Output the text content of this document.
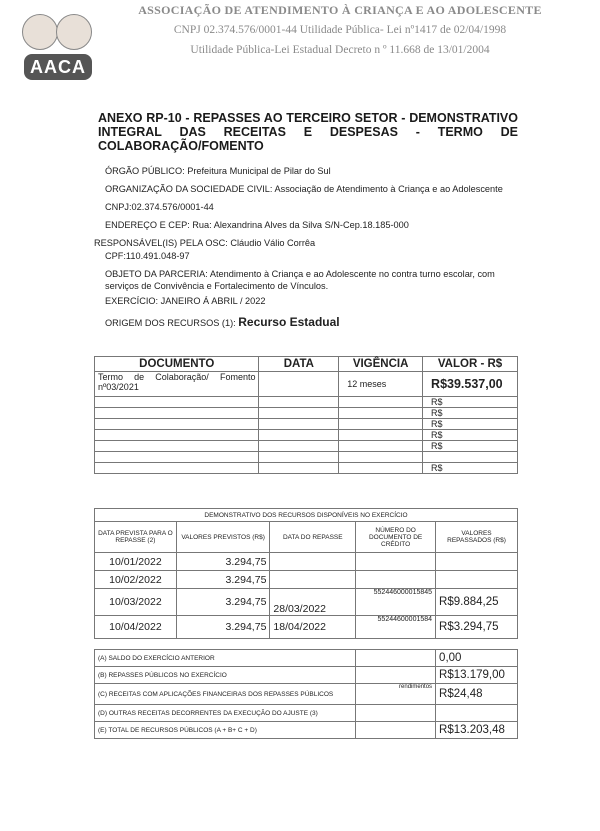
AACA
ASSOCIAÇÃO DE ATENDIMENTO À CRIANÇA E AO ADOLESCENTE
CNPJ 02.374.576/0001-44 Utilidade Pública- Lei nº1417 de 02/04/1998
Utilidade Pública-Lei Estadual Decreto n º 11.668 de 13/01/2004
ANEXO RP-10 - REPASSES AO TERCEIRO SETOR - DEMONSTRATIVO INTEGRAL DAS RECEITAS E DESPESAS - TERMO DE COLABORAÇÃO/FOMENTO
ÓRGÃO PÚBLICO: Prefeitura Municipal de Pilar do Sul
ORGANIZAÇÃO DA SOCIEDADE CIVIL: Associação de Atendimento à Criança e ao Adolescente
CNPJ:02.374.576/0001-44
ENDEREÇO E CEP: Rua: Alexandrina Alves da Silva S/N-Cep.18.185-000
RESPONSÁVEL(IS) PELA OSC: Cláudio Válio Corrêa
CPF:110.491.048-97
OBJETO DA PARCERIA: Atendimento à Criança e ao Adolescente no contra turno escolar, com serviços de Convivência e Fortalecimento de Vínculos.
EXERCÍCIO: JANEIRO Á ABRIL / 2022
ORIGEM DOS RECURSOS (1): Recurso Estadual
DOCUMENTO	DATA	VIGÊNCIA	VALOR - R$
Termo de Colaboração/ Fomento nº03/2021		12 meses	R$39.537,00
			R$
			R$
			R$
			R$
			R$

			R$
DEMONSTRATIVO DOS RECURSOS DISPONÍVEIS NO EXERCÍCIO				
DATA PREVISTA PARA O REPASSE (2)	VALORES PREVISTOS (R$)	DATA DO REPASSE	NÚMERO DO DOCUMENTO DE CRÉDITO	VALORES REPASSADOS (R$)
10/01/2022	3.294,75			
10/02/2022	3.294,75			
10/03/2022	3.294,75	28/03/2022	552446000015845	R$9.884,25
10/04/2022	3.294,75	18/04/2022	55244600001584	R$3.294,75

(A) SALDO DO EXERCÍCIO ANTERIOR				0,00
(B) REPASSES PÚBLICOS NO EXERCÍCIO				R$13.179,00
(C) RECEITAS COM APLICAÇÕES FINANCEIRAS DOS REPASSES PÚBLICOS			rendimentos	R$24,48
(D) OUTRAS RECEITAS DECORRENTES DA EXECUÇÃO DO AJUSTE (3)				
(E) TOTAL DE RECURSOS PÚBLICOS (A + B+ C + D)				R$13.203,48
